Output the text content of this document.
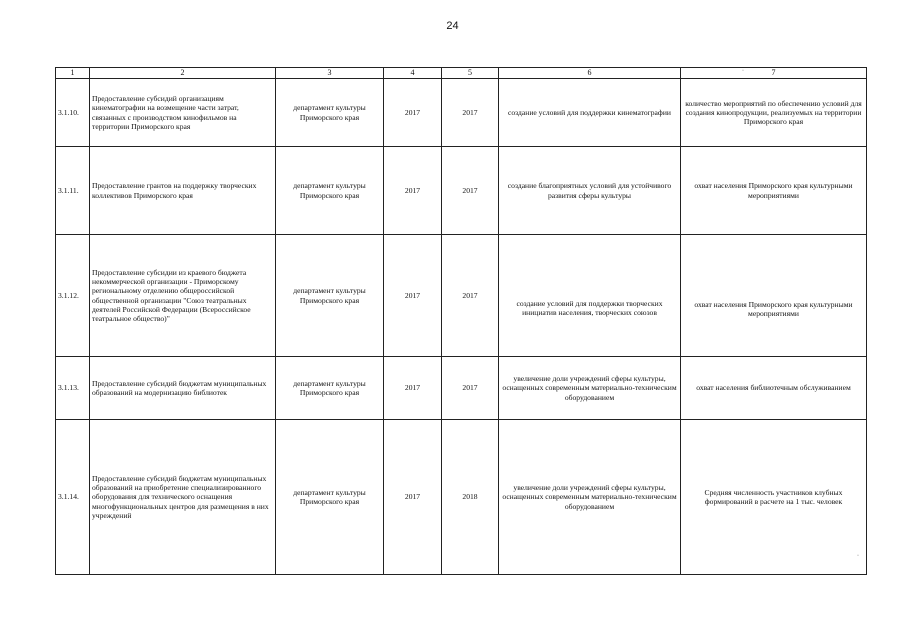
24
1	2	3	4	5	6	7
3.1.10.	Предоставление субсидий организациям кинематографии на возмещение части затрат, связанных с производством кинофильмов на территории Приморского края	департамент культуры Приморского края	2017	2017	создание условий для поддержки кинематографии	количество мероприятий по обеспечению условий для создания кинопродукции, реализуемых на территории Приморского края
3.1.11.	Предоставление грантов на поддержку творческих коллективов Приморского края	департамент культуры Приморского края	2017	2017	создание благоприятных условий для устойчивого развития сферы культуры	охват населения Приморского края культурными мероприятиями
3.1.12.	Предоставление субсидии из краевого бюджета некоммерческой организации - Приморскому региональному отделению общероссийской общественной организации "Союз театральных деятелей Российской Федерации (Всероссийское театральное общество)"	департамент культуры Приморского края	2017	2017	создание условий для поддержки творческих инициатив населения, творческих союзов	охват населения Приморского края культурными мероприятиями
3.1.13.	Предоставление субсидий бюджетам муниципальных образований на модернизацию библиотек	департамент культуры Приморского края	2017	2017	увеличение доли учреждений сферы культуры, оснащенных современным материально-техническим оборудованием	охват населения библиотечным обслуживанием
3.1.14.	Предоставление субсидий бюджетам муниципальных образований на приобретение специализированного оборудования для технического оснащения многофункциональных центров для размещения в них учреждений	департамент культуры Приморского края	2017	2018	увеличение доли учреждений сферы культуры, оснащенных современным материально-техническим оборудованием	Средняя численность участников клубных формирований в расчете на 1 тыс. человек
·
·
